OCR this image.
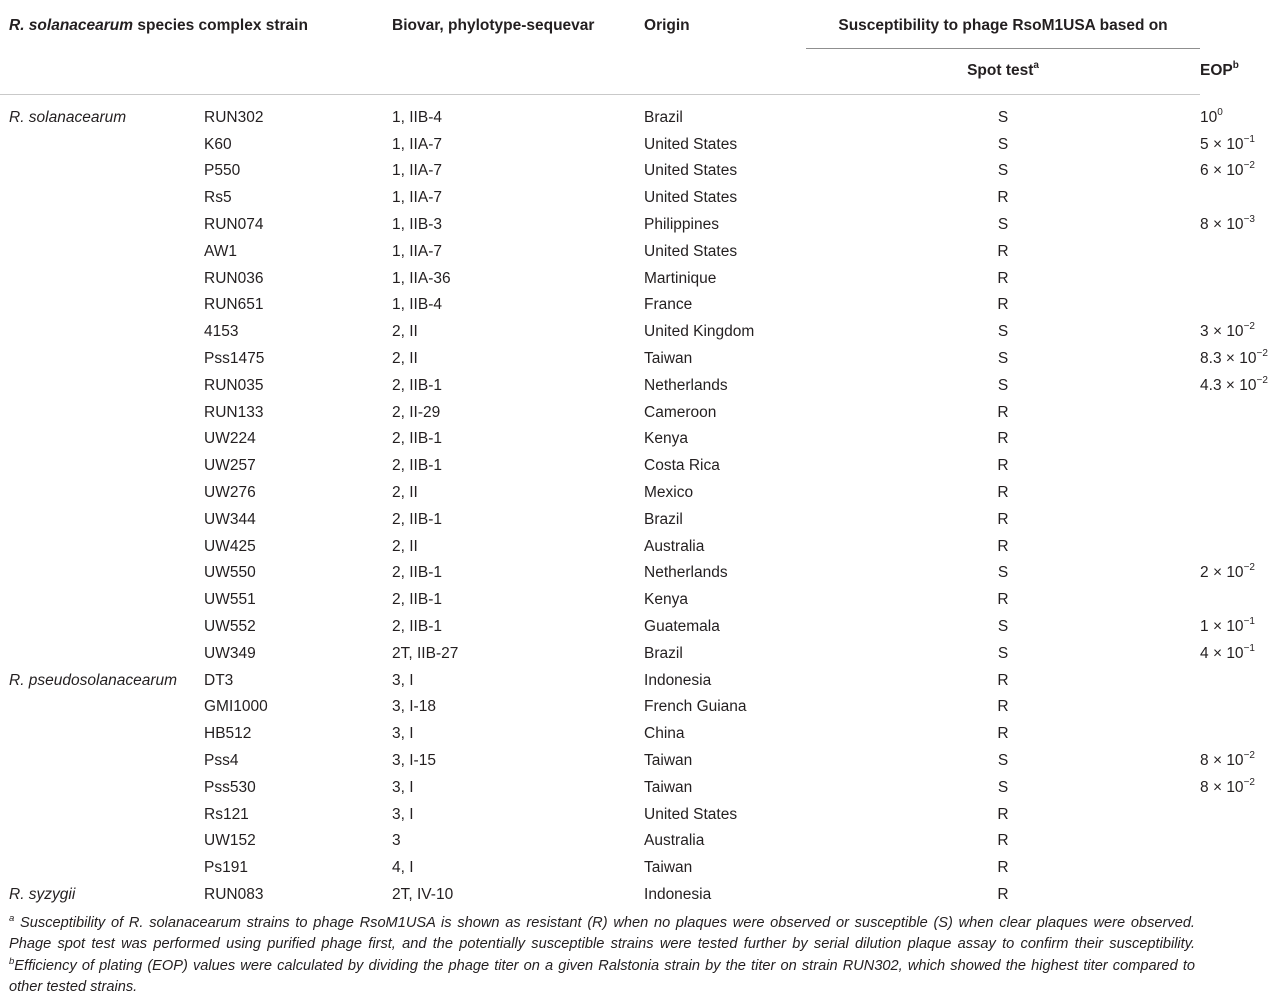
R. solanacearum species complex strain		Biovar, phylotype-sequevar	Origin	Susceptibility to phage RsoM1USA based on	
				Spot test$^a$	EOP$^b$
R. solanacearum	RUN302	1, IIB-4	Brazil	S	$10^0$
	K60	1, IIA-7	United States	S	$5 \times 10^{-1}$
	P550	1, IIA-7	United States	S	$6 \times 10^{-2}$
	Rs5	1, IIA-7	United States	R	
	RUN074	1, IIB-3	Philippines	S	$8 \times 10^{-3}$
	AW1	1, IIA-7	United States	R	
	RUN036	1, IIA-36	Martinique	R	
	RUN651	1, IIB-4	France	R	
	4153	2, II	United Kingdom	S	$3 \times 10^{-2}$
	Pss1475	2, II	Taiwan	S	$8.3 \times 10^{-2}$
	RUN035	2, IIB-1	Netherlands	S	$4.3 \times 10^{-2}$
	RUN133	2, II-29	Cameroon	R	
	UW224	2, IIB-1	Kenya	R	
	UW257	2, IIB-1	Costa Rica	R	
	UW276	2, II	Mexico	R	
	UW344	2, IIB-1	Brazil	R	
	UW425	2, II	Australia	R	
	UW550	2, IIB-1	Netherlands	S	$2 \times 10^{-2}$
	UW551	2, IIB-1	Kenya	R	
	UW552	2, IIB-1	Guatemala	S	$1 \times 10^{-1}$
	UW349	2T, IIB-27	Brazil	S	$4 \times 10^{-1}$
R. pseudosolanacearum	DT3	3, I	Indonesia	R	
	GMI1000	3, I-18	French Guiana	R	
	HB512	3, I	China	R	
	Pss4	3, I-15	Taiwan	S	$8 \times 10^{-2}$
	Pss530	3, I	Taiwan	S	$8 \times 10^{-2}$
	Rs121	3, I	United States	R	
	UW152	3	Australia	R	
	Ps191	4, I	Taiwan	R	
R. syzygii	RUN083	2T, IV-10	Indonesia	R	
$^a$ Susceptibility of R. solanacearum strains to phage RsoM1USA is shown as resistant (R) when no plaques were observed or susceptible (S) when clear plaques were observed. Phage spot test was performed using purified phage first, and the potentially susceptible strains were tested further by serial dilution plaque assay to confirm their susceptibility. $^b$Efficiency of plating (EOP) values were calculated by dividing the phage titer on a given Ralstonia strain by the titer on strain RUN302, which showed the highest titer compared to other tested strains.
